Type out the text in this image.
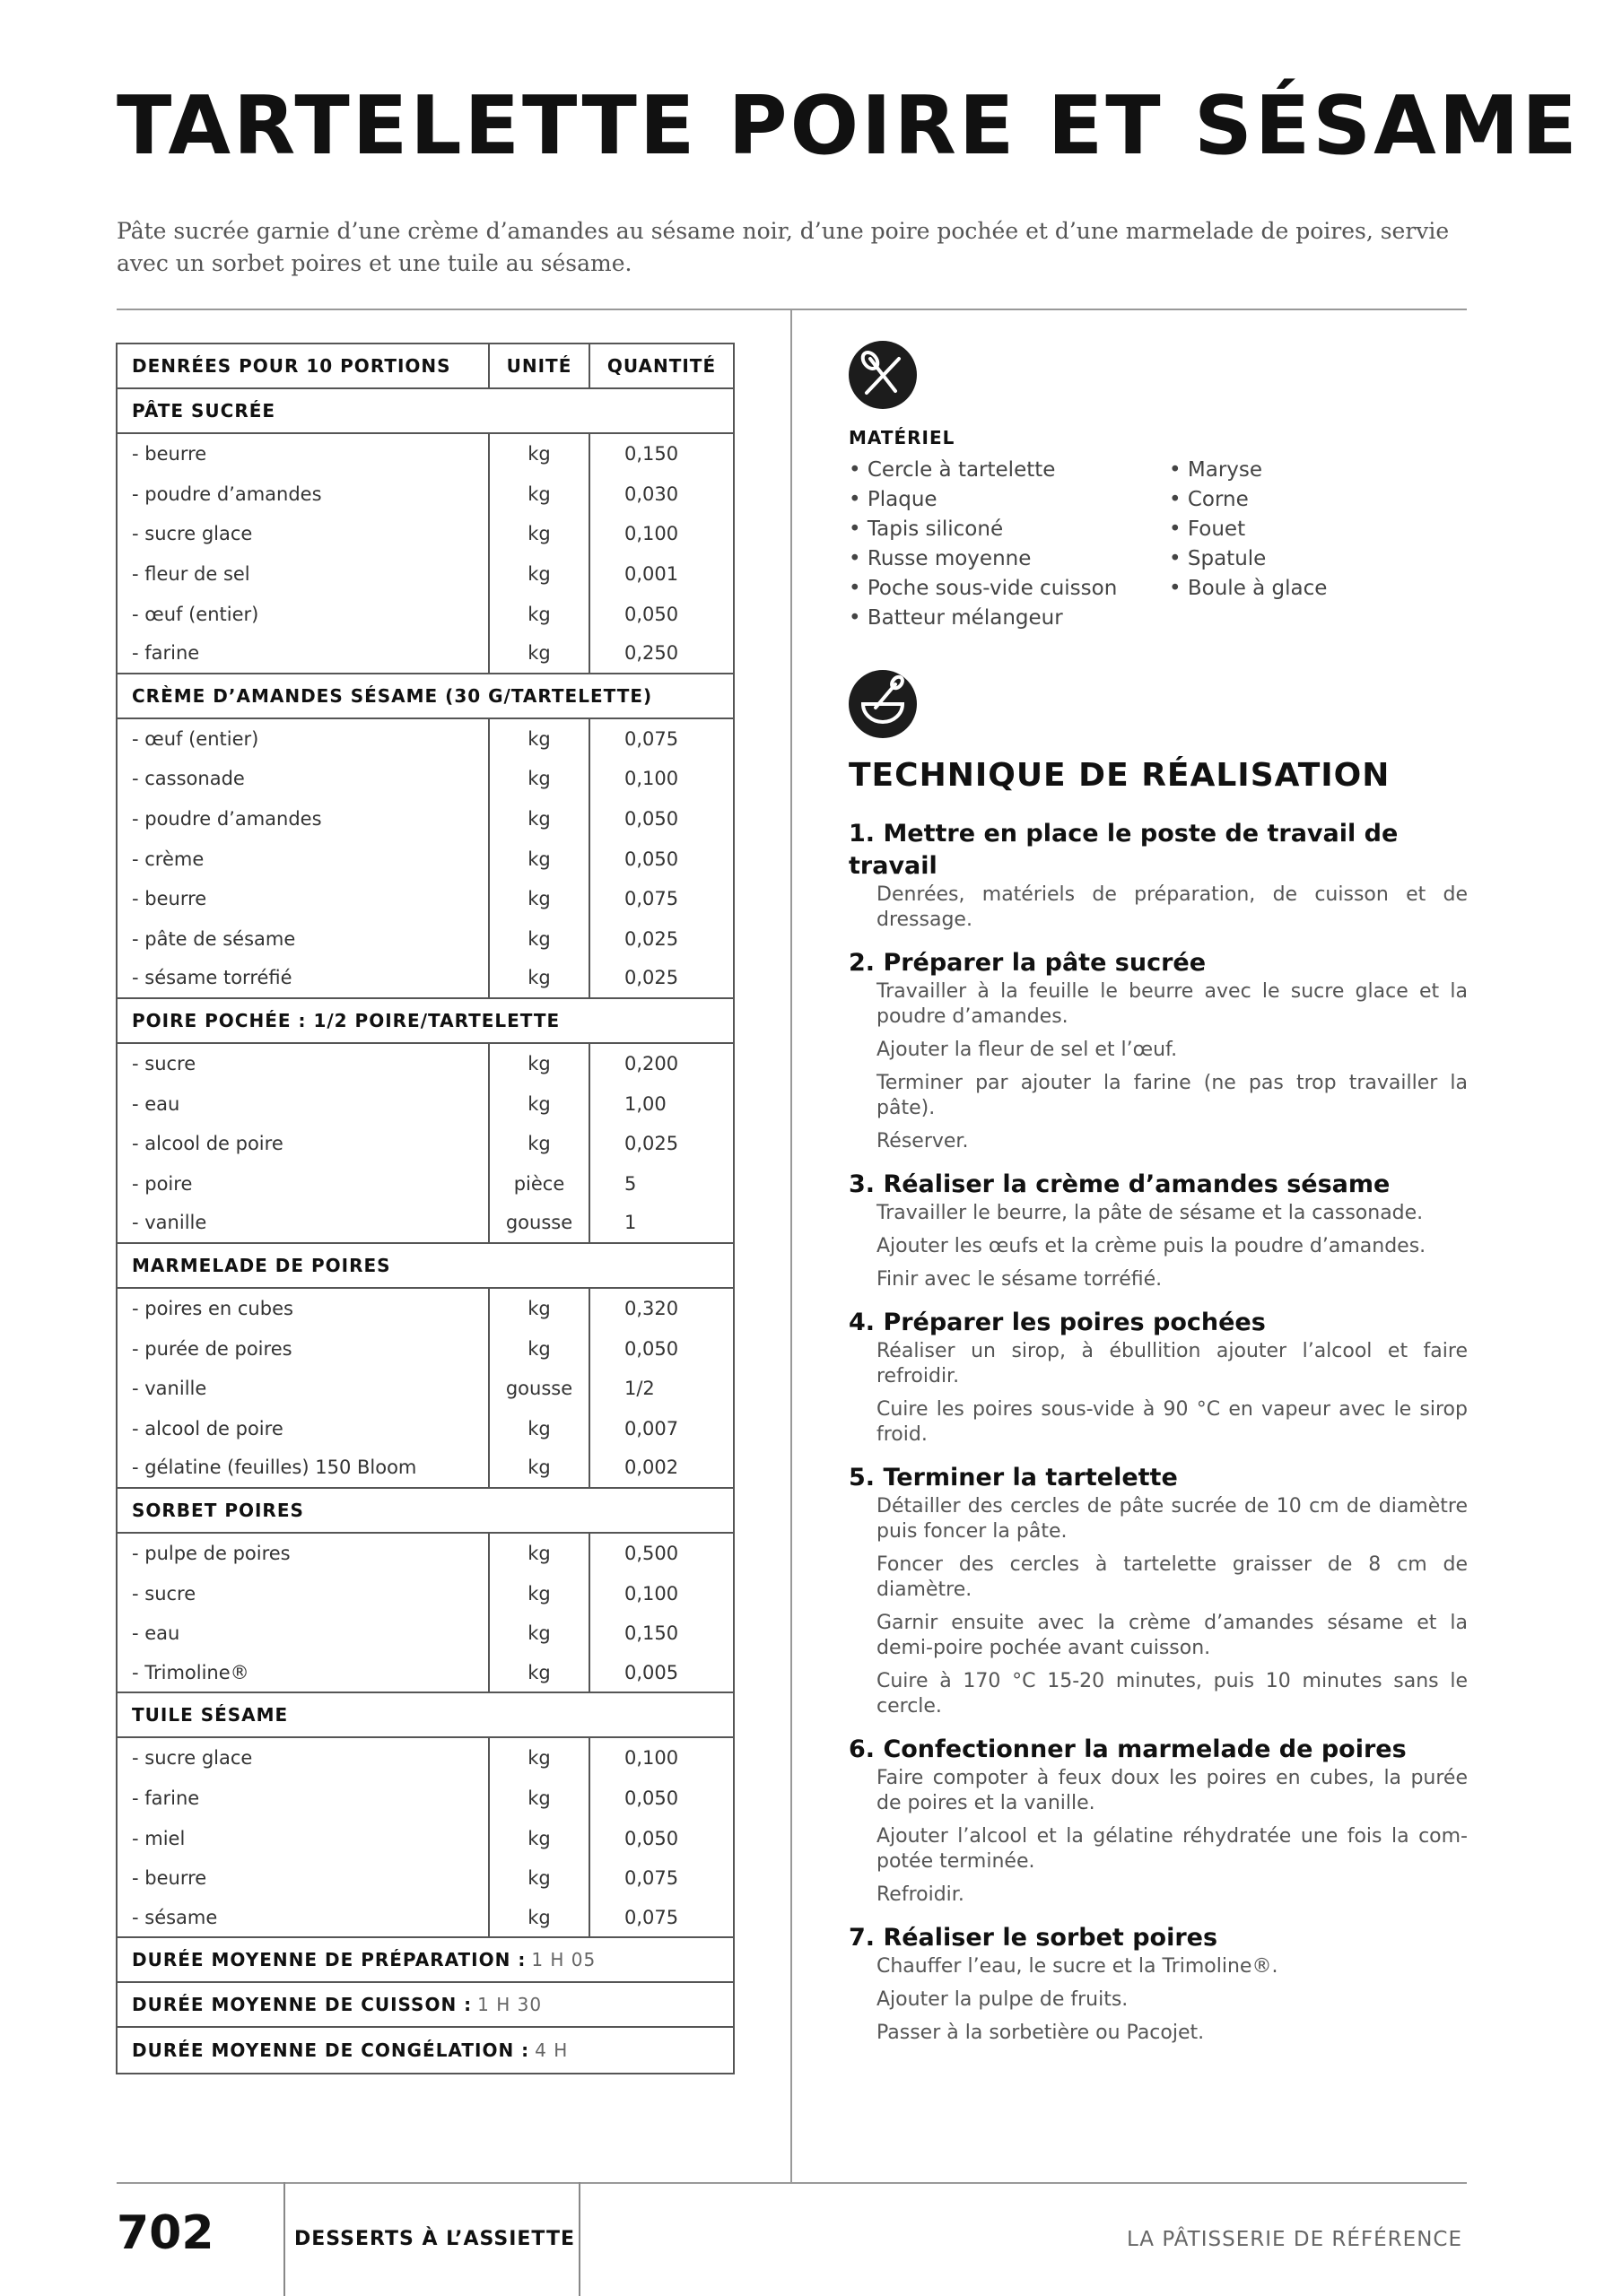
TARTELETTE POIRE ET SÉSAME

Pâte sucrée garnie d’une crème d’amandes au sésame noir, d’une poire pochée et d’une marmelade de poires, servie avec un sorbet poires et une tuile au sésame.

DENRÉES POUR 10 PORTIONS	UNITÉ	QUANTITÉ
PÂTE SUCRÉE
- beurre	kg	0,150
- poudre d’amandes	kg	0,030
- sucre glace	kg	0,100
- fleur de sel	kg	0,001
- œuf (entier)	kg	0,050
- farine	kg	0,250
CRÈME D’AMANDES SÉSAME (30 G/TARTELETTE)
- œuf (entier)	kg	0,075
- cassonade	kg	0,100
- poudre d’amandes	kg	0,050
- crème	kg	0,050
- beurre	kg	0,075
- pâte de sésame	kg	0,025
- sésame torréfié	kg	0,025
POIRE POCHÉE : 1/2 POIRE/TARTELETTE
- sucre	kg	0,200
- eau	kg	1,00
- alcool de poire	kg	0,025
- poire	pièce	5
- vanille	gousse	1
MARMELADE DE POIRES
- poires en cubes	kg	0,320
- purée de poires	kg	0,050
- vanille	gousse	1/2
- alcool de poire	kg	0,007
- gélatine (feuilles) 150 Bloom	kg	0,002
SORBET POIRES
- pulpe de poires	kg	0,500
- sucre	kg	0,100
- eau	kg	0,150
- Trimoline®	kg	0,005
TUILE SÉSAME
- sucre glace	kg	0,100
- farine	kg	0,050
- miel	kg	0,050
- beurre	kg	0,075
- sésame	kg	0,075
DURÉE MOYENNE DE PRÉPARATION : 1 H 05
DURÉE MOYENNE DE CUISSON : 1 H 30
DURÉE MOYENNE DE CONGÉLATION : 4 H
MATÉRIEL
• Cercle à tartelette
• Plaque
• Tapis siliconé
• Russe moyenne
• Poche sous-vide cuisson
• Batteur mélangeur
• Maryse
• Corne
• Fouet
• Spatule
• Boule à glace
TECHNIQUE DE RÉALISATION
1. Mettre en place le poste de travail de travail
Denrées, matériels de préparation, de cuisson et de dressage.
2. Préparer la pâte sucrée
Travailler à la feuille le beurre avec le sucre glace et la poudre d’amandes.
Ajouter la fleur de sel et l’œuf.
Terminer par ajouter la farine (ne pas trop travailler la pâte).
Réserver.
3. Réaliser la crème d’amandes sésame
Travailler le beurre, la pâte de sésame et la cassonade.
Ajouter les œufs et la crème puis la poudre d’amandes.
Finir avec le sésame torréfié.
4. Préparer les poires pochées
Réaliser un sirop, à ébullition ajouter l’alcool et faire refroidir.
Cuire les poires sous-vide à 90 °C en vapeur avec le sirop froid.
5. Terminer la tartelette
Détailler des cercles de pâte sucrée de 10 cm de diamètre puis foncer la pâte.
Foncer des cercles à tartelette graisser de 8 cm de diamètre.
Garnir ensuite avec la crème d’amandes sésame et la demi-poire pochée avant cuisson.
Cuire à 170 °C 15-20 minutes, puis 10 minutes sans le cercle.
6. Confectionner la marmelade de poires
Faire compoter à feux doux les poires en cubes, la purée de poires et la vanille.
Ajouter l’alcool et la gélatine réhydratée une fois la com-potée terminée.
Refroidir.
7. Réaliser le sorbet poires
Chauffer l’eau, le sucre et la Trimoline®.
Ajouter la pulpe de fruits.
Passer à la sorbetière ou Pacojet.
702	DESSERTS À L’ASSIETTE	LA PÂTISSERIE DE RÉFÉRENCE
